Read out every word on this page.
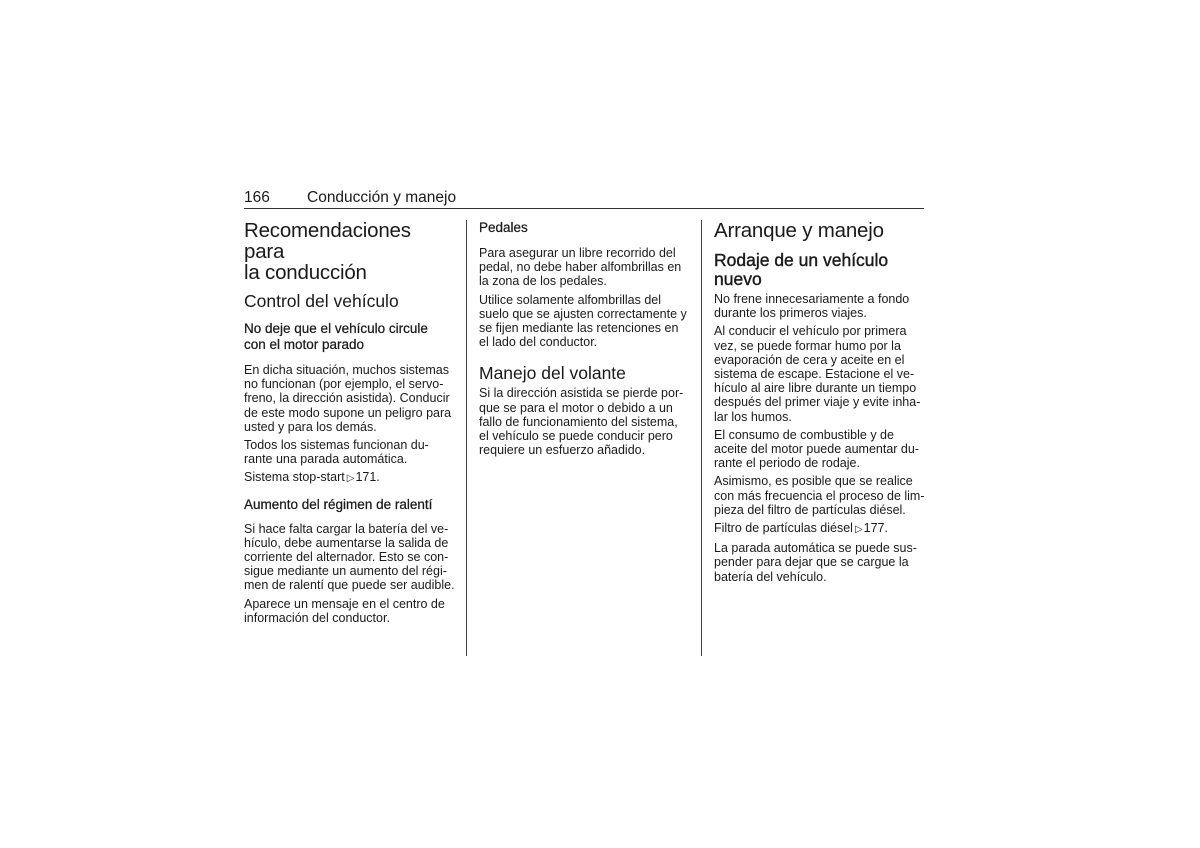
166 Conducción y manejo
Recomendaciones para
la conducción
Control del vehículo
No deje que el vehículo circule
con el motor parado

En dicha situación, muchos sistemas
no funcionan (por ejemplo, el servo-
freno, la dirección asistida). Conducir
de este modo supone un peligro para
usted y para los demás.

Todos los sistemas funcionan du-
rante una parada automática.

Sistema stop-start ▷171.

Aumento del régimen de ralentí

Si hace falta cargar la batería del ve-
hículo, debe aumentarse la salida de
corriente del alternador. Esto se con-
sigue mediante un aumento del régi-
men de ralentí que puede ser audible.

Aparece un mensaje en el centro de
información del conductor.

Pedales

Para asegurar un libre recorrido del
pedal, no debe haber alfombrillas en
la zona de los pedales.

Utilice solamente alfombrillas del
suelo que se ajusten correctamente y
se fijen mediante las retenciones en
el lado del conductor.

Manejo del volante

Si la dirección asistida se pierde por-
que se para el motor o debido a un
fallo de funcionamiento del sistema,
el vehículo se puede conducir pero
requiere un esfuerzo añadido.

Arranque y manejo
Rodaje de un vehículo
nuevo

No frene innecesariamente a fondo
durante los primeros viajes.

Al conducir el vehículo por primera
vez, se puede formar humo por la
evaporación de cera y aceite en el
sistema de escape. Estacione el ve-
hículo al aire libre durante un tiempo
después del primer viaje y evite inha-
lar los humos.

El consumo de combustible y de
aceite del motor puede aumentar du-
rante el periodo de rodaje.

Asimismo, es posible que se realice
con más frecuencia el proceso de lim-
pieza del filtro de partículas diésel.

Filtro de partículas diésel ▷177.

La parada automática se puede sus-
pender para dejar que se cargue la
batería del vehículo.
